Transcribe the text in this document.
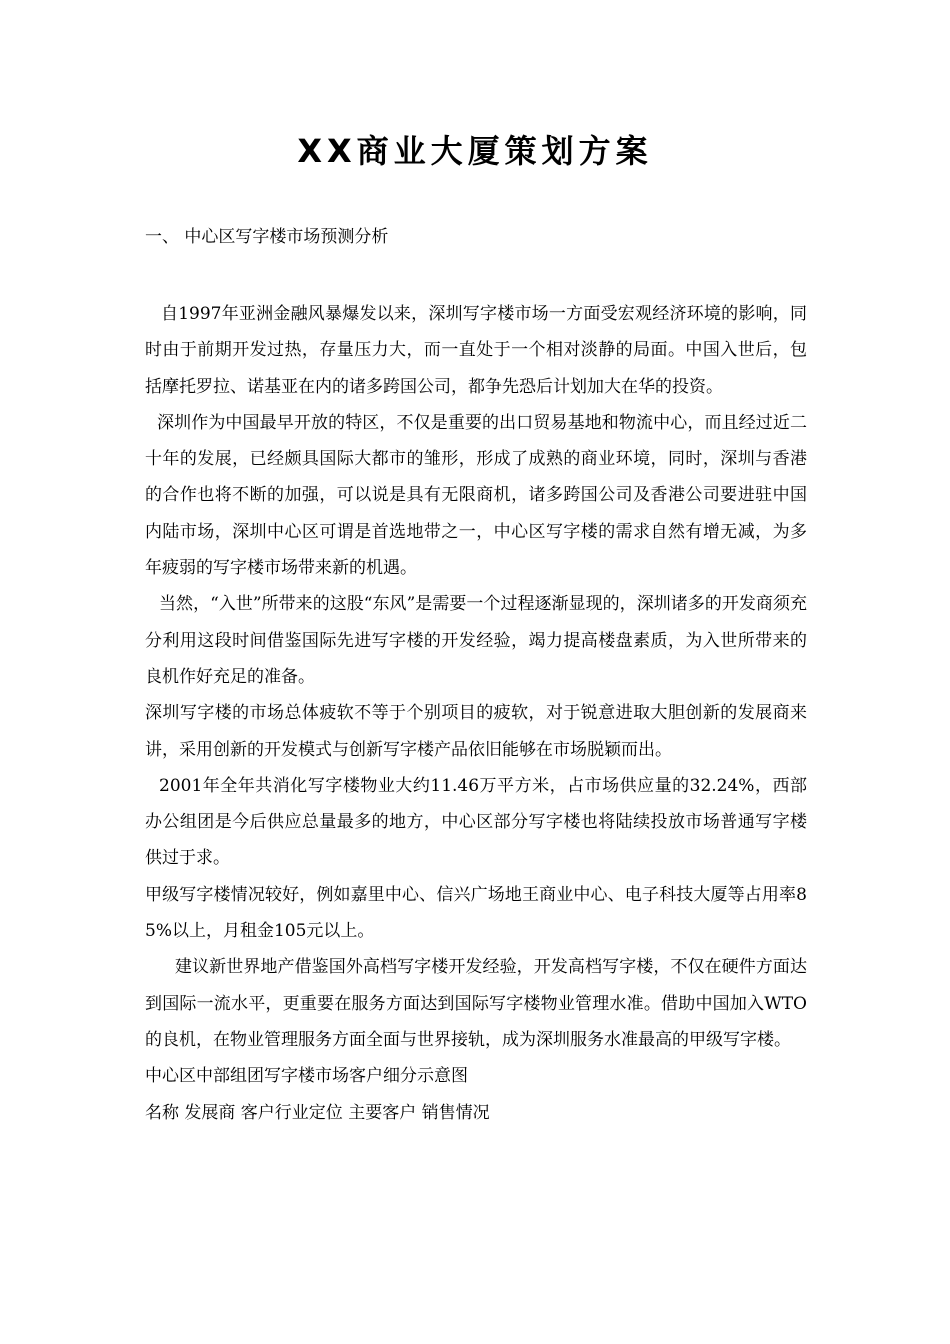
XX商业大厦策划方案

一、 中心区写字楼市场预测分析

自1997年亚洲金融风暴爆发以来，深圳写字楼市场一方面受宏观经济环境的影响，同时由于前期开发过热，存量压力大，而一直处于一个相对淡静的局面。中国入世后，包括摩托罗拉、诺基亚在内的诸多跨国公司，都争先恐后计划加大在华的投资。

深圳作为中国最早开放的特区，不仅是重要的出口贸易基地和物流中心，而且经过近二十年的发展，已经颇具国际大都市的雏形，形成了成熟的商业环境，同时，深圳与香港的合作也将不断的加强，可以说是具有无限商机，诸多跨国公司及香港公司要进驻中国内陆市场，深圳中心区可谓是首选地带之一，中心区写字楼的需求自然有增无减，为多年疲弱的写字楼市场带来新的机遇。

当然，“入世”所带来的这股“东风”是需要一个过程逐渐显现的，深圳诸多的开发商须充分利用这段时间借鉴国际先进写字楼的开发经验，竭力提高楼盘素质，为入世所带来的良机作好充足的准备。

深圳写字楼的市场总体疲软不等于个别项目的疲软，对于锐意进取大胆创新的发展商来讲，采用创新的开发模式与创新写字楼产品依旧能够在市场脱颖而出。

2001年全年共消化写字楼物业大约11.46万平方米，占市场供应量的32.24%，西部办公组团是今后供应总量最多的地方，中心区部分写字楼也将陆续投放市场普通写字楼供过于求。

甲级写字楼情况较好，例如嘉里中心、信兴广场地王商业中心、电子科技大厦等占用率85%以上，月租金105元以上。

建议新世界地产借鉴国外高档写字楼开发经验，开发高档写字楼，不仅在硬件方面达到国际一流水平，更重要在服务方面达到国际写字楼物业管理水准。借助中国加入WTO的良机，在物业管理服务方面全面与世界接轨，成为深圳服务水准最高的甲级写字楼。

中心区中部组团写字楼市场客户细分示意图

名称 发展商 客户行业定位 主要客户 销售情况
